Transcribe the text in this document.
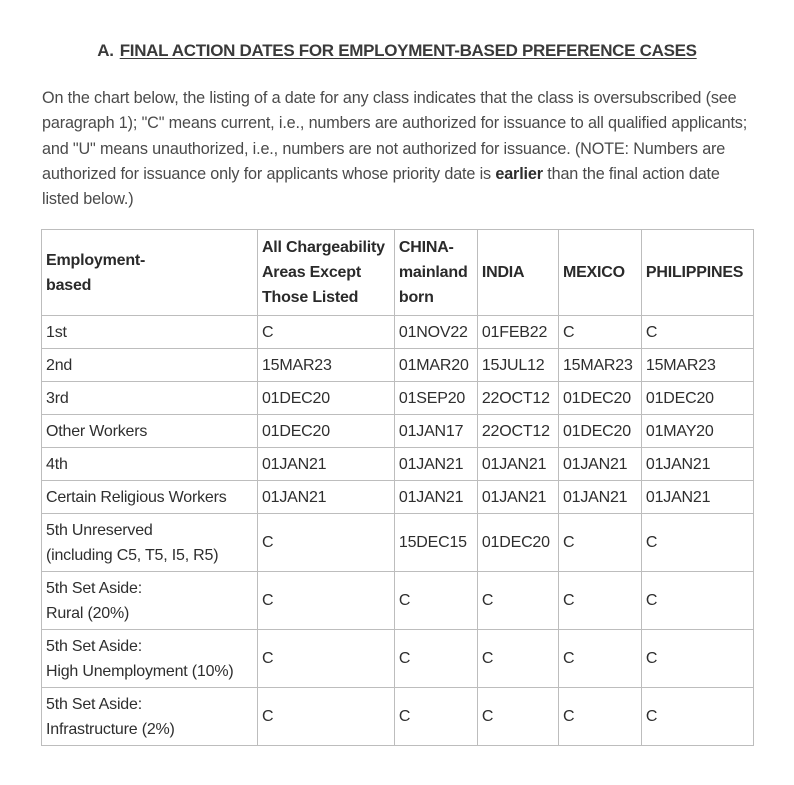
A. FINAL ACTION DATES FOR EMPLOYMENT-BASED PREFERENCE CASES

On the chart below, the listing of a date for any class indicates that the class is oversubscribed (see paragraph 1); "C" means current, i.e., numbers are authorized for issuance to all qualified applicants; and "U" means unauthorized, i.e., numbers are not authorized for issuance. (NOTE: Numbers are authorized for issuance only for applicants whose priority date is earlier than the final action date listed below.)

Employment-
based	All Chargeability
Areas Except
Those Listed	CHINA-
mainland
born	INDIA	MEXICO	PHILIPPINES
1st	C	01NOV22	01FEB22	C	C
2nd	15MAR23	01MAR20	15JUL12	15MAR23	15MAR23
3rd	01DEC20	01SEP20	22OCT12	01DEC20	01DEC20
Other Workers	01DEC20	01JAN17	22OCT12	01DEC20	01MAY20
4th	01JAN21	01JAN21	01JAN21	01JAN21	01JAN21
Certain Religious Workers	01JAN21	01JAN21	01JAN21	01JAN21	01JAN21
5th Unreserved
(including C5, T5, I5, R5)	C	15DEC15	01DEC20	C	C
5th Set Aside:
Rural (20%)	C	C	C	C	C
5th Set Aside:
High Unemployment (10%)	C	C	C	C	C
5th Set Aside:
Infrastructure (2%)	C	C	C	C	C
